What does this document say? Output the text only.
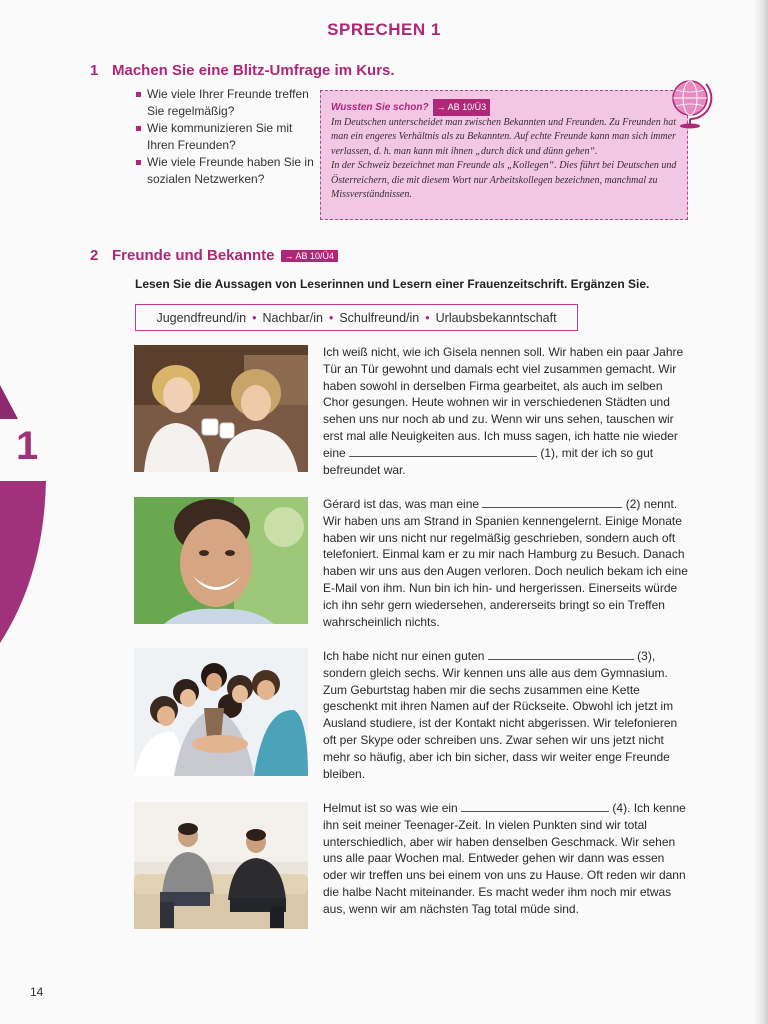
SPRECHEN 1
1 Machen Sie eine Blitz-Umfrage im Kurs.
Wie viele Ihrer Freunde treffen Sie regelmäßig?
Wie kommunizieren Sie mit Ihren Freunden?
Wie viele Freunde haben Sie in sozialen Netzwerken?
Wussten Sie schon? → AB 10/Ü3
Im Deutschen unterscheidet man zwischen Bekannten und Freunden. Zu Freunden hat man ein engeres Verhältnis als zu Bekannten. Auf echte Freunde kann man sich immer verlassen, d. h. man kann mit ihnen „durch dick und dünn gehen“.
In der Schweiz bezeichnet man Freunde als „Kollegen“. Dies führt bei Deutschen und Österreichern, die mit diesem Wort nur Arbeitskollegen bezeichnen, manchmal zu Missverständnissen.
2 Freunde und Bekannte → AB 10/Ü4
Lesen Sie die Aussagen von Leserinnen und Lesern einer Frauenzeitschrift. Ergänzen Sie.
Jugendfreund/in • Nachbar/in • Schulfreund/in • Urlaubsbekanntschaft
Ich weiß nicht, wie ich Gisela nennen soll. Wir haben ein paar Jahre Tür an Tür gewohnt und damals echt viel zusammen gemacht. Wir haben sowohl in derselben Firma gearbeitet, als auch im selben Chor gesungen. Heute wohnen wir in verschiedenen Städten und sehen uns nur noch ab und zu. Wenn wir uns sehen, tauschen wir erst mal alle Neuigkeiten aus. Ich muss sagen, ich hatte nie wieder eine	(1), mit der ich so gut befreundet war.
Gérard ist das, was man eine	(2) nennt. Wir haben uns am Strand in Spanien kennengelernt. Einige Monate haben wir uns nicht nur regelmäßig geschrieben, sondern auch oft telefoniert. Einmal kam er zu mir nach Hamburg zu Besuch. Danach haben wir uns aus den Augen verloren. Doch neulich bekam ich eine E-Mail von ihm. Nun bin ich hin- und hergerissen. Einerseits würde ich ihn sehr gern wiedersehen, andererseits bringt so ein Treffen wahrscheinlich nichts.
Ich habe nicht nur einen guten	(3), sondern gleich sechs. Wir kennen uns alle aus dem Gymnasium. Zum Geburtstag haben mir die sechs zusammen eine Kette geschenkt mit ihren Namen auf der Rückseite. Obwohl ich jetzt im Ausland studiere, ist der Kontakt nicht abgerissen. Wir telefonieren oft per Skype oder schreiben uns. Zwar sehen wir uns jetzt nicht mehr so häufig, aber ich bin sicher, dass wir weiter enge Freunde bleiben.
Helmut ist so was wie ein	(4). Ich kenne ihn seit meiner Teenager-Zeit. In vielen Punkten sind wir total unterschiedlich, aber wir haben denselben Geschmack. Wir sehen uns alle paar Wochen mal. Entweder gehen wir dann was essen oder wir treffen uns bei einem von uns zu Hause. Oft reden wir dann die halbe Nacht miteinander. Es macht weder ihm noch mir etwas aus, wenn wir am nächsten Tag total müde sind.
1
14
